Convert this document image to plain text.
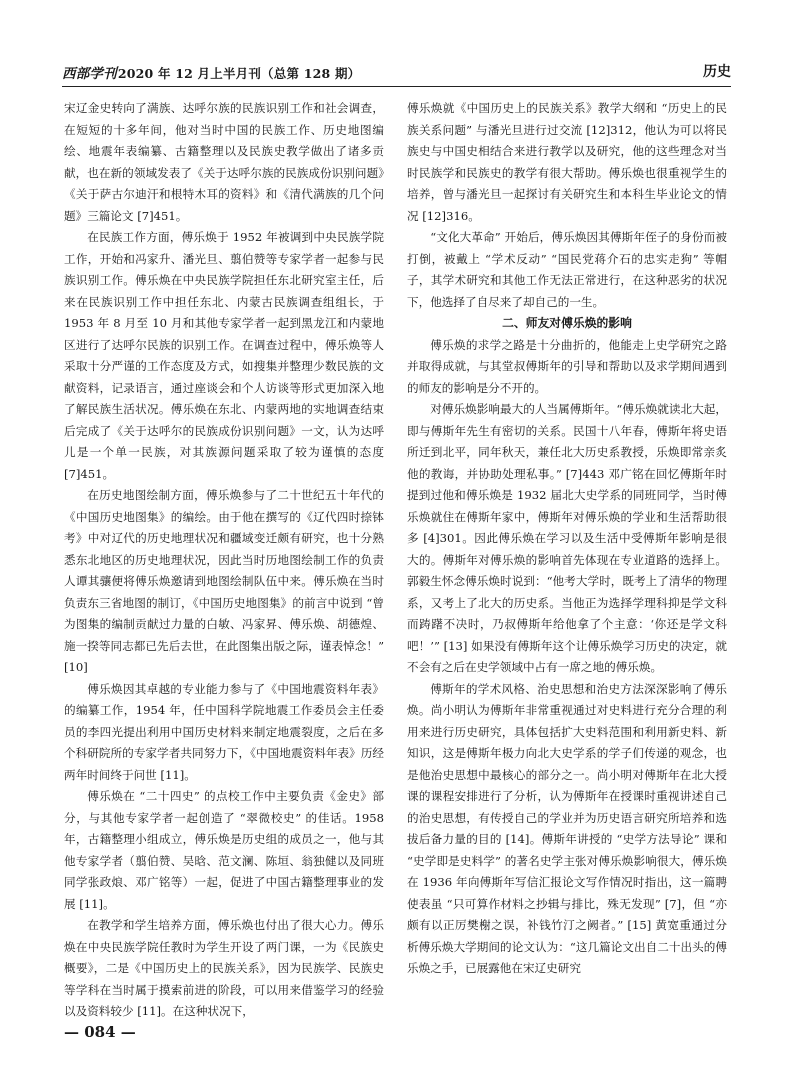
西部学刊2020 年 12 月上半月刊（总第 128 期）	历史

宋辽金史转向了满族、达呼尔族的民族识别工作和社会调查，在短短的十多年间，他对当时中国的民族工作、历史地图编绘、地震年表编纂、古籍整理以及民族史教学做出了诸多贡献，也在新的领域发表了《关于达呼尔族的民族成份识别问题》《关于萨古尔迪汗和根特木耳的资料》和《清代满族的几个问题》三篇论文 [7]451。

在民族工作方面，傅乐焕于 1952 年被调到中央民族学院工作，开始和冯家升、潘光旦、翦伯赞等专家学者一起参与民族识别工作。傅乐焕在中央民族学院担任东北研究室主任，后来在民族识别工作中担任东北、内蒙古民族调查组组长，于 1953 年 8 月至 10 月和其他专家学者一起到黑龙江和内蒙地区进行了达呼尔民族的识别工作。在调查过程中，傅乐焕等人采取十分严谨的工作态度及方式，如搜集并整理少数民族的文献资料，记录语言，通过座谈会和个人访谈等形式更加深入地了解民族生活状况。傅乐焕在东北、内蒙两地的实地调查结束后完成了《关于达呼尔的民族成份识别问题》一文，认为达呼儿是一个单一民族，对其族源问题采取了较为谨慎的态度 [7]451。

在历史地图绘制方面，傅乐焕参与了二十世纪五十年代的《中国历史地图集》的编绘。由于他在撰写的《辽代四时捺钵考》中对辽代的历史地理状况和疆域变迁颇有研究，也十分熟悉东北地区的历史地理状况，因此当时历地图绘制工作的负责人谭其骧便将傅乐焕邀请到地图绘制队伍中来。傅乐焕在当时负责东三省地图的制订，《中国历史地图集》的前言中说到 “曾为图集的编制贡献过力量的白敏、冯家昇、傅乐焕、胡德煌、施一揆等同志都已先后去世，在此图集出版之际，谨表悼念！” [10]

傅乐焕因其卓越的专业能力参与了《中国地震资料年表》的编纂工作，1954 年，任中国科学院地震工作委员会主任委员的李四光提出利用中国历史材料来制定地震裂度，之后在多个科研院所的专家学者共同努力下，《中国地震资料年表》历经两年时间终于问世 [11]。

傅乐焕在 “二十四史” 的点校工作中主要负责《金史》部分，与其他专家学者一起创造了 “翠微校史” 的佳话。1958 年，古籍整理小组成立，傅乐焕是历史组的成员之一，他与其他专家学者（翦伯赞、吴晗、范文澜、陈垣、翁独健以及同班同学张政烺、邓广铭等）一起，促进了中国古籍整理事业的发展 [11]。

在教学和学生培养方面，傅乐焕也付出了很大心力。傅乐焕在中央民族学院任教时为学生开设了两门课，一为《民族史概要》，二是《中国历史上的民族关系》，因为民族学、民族史等学科在当时属于摸索前进的阶段，可以用来借鉴学习的经验以及资料较少 [11]。在这种状况下，

傅乐焕就《中国历史上的民族关系》教学大纲和 “历史上的民族关系问题” 与潘光旦进行过交流 [12]312，他认为可以将民族史与中国史相结合来进行教学以及研究，他的这些理念对当时民族学和民族史的教学有很大帮助。傅乐焕也很重视学生的培养，曾与潘光旦一起探讨有关研究生和本科生毕业论文的情况 [12]316。

“文化大革命” 开始后，傅乐焕因其傅斯年侄子的身份而被打倒，被戴上 “学术反动” “国民党蒋介石的忠实走狗” 等帽子，其学术研究和其他工作无法正常进行，在这种恶劣的状况下，他选择了自尽来了却自己的一生。

二、师友对傅乐焕的影响

傅乐焕的求学之路是十分曲折的，他能走上史学研究之路并取得成就，与其堂叔傅斯年的引导和帮助以及求学期间遇到的师友的影响是分不开的。

对傅乐焕影响最大的人当属傅斯年。“傅乐焕就读北大起，即与傅斯年先生有密切的关系。民国十八年春，傅斯年将史语所迁到北平，同年秋天，兼任北大历史系教授，乐焕即常亲炙他的教诲，并协助处理私事。” [7]443 邓广铭在回忆傅斯年时提到过他和傅乐焕是 1932 届北大史学系的同班同学，当时傅乐焕就住在傅斯年家中，傅斯年对傅乐焕的学业和生活帮助很多 [4]301。因此傅乐焕在学习以及生活中受傅斯年影响是很大的。傅斯年对傅乐焕的影响首先体现在专业道路的选择上。郭毅生怀念傅乐焕时说到：“他考大学时，既考上了清华的物理系，又考上了北大的历史系。当他正为选择学理科抑是学文科而踌躇不决时，乃叔傅斯年给他拿了个主意：‘你还是学文科吧！’” [13] 如果没有傅斯年这个让傅乐焕学习历史的决定，就不会有之后在史学领域中占有一席之地的傅乐焕。

傅斯年的学术风格、治史思想和治史方法深深影响了傅乐焕。尚小明认为傅斯年非常重视通过对史料进行充分合理的利用来进行历史研究，具体包括扩大史料范围和利用新史料、新知识，这是傅斯年极力向北大史学系的学子们传递的观念，也是他治史思想中最核心的部分之一。尚小明对傅斯年在北大授课的课程安排进行了分析，认为傅斯年在授课时重视讲述自己的治史思想，有传授自己的学业并为历史语言研究所培养和选拔后备力量的目的 [14]。傅斯年讲授的 “史学方法导论” 课和 “史学即是史料学” 的著名史学主张对傅乐焕影响很大，傅乐焕在 1936 年向傅斯年写信汇报论文写作情况时指出，这一篇聘使表虽 “只可算作材料之抄辑与排比，殊无发现” [7]，但 “亦颇有以正厉樊榭之误，补钱竹汀之阙者。” [15] 黄宽重通过分析傅乐焕大学期间的论文认为：“这几篇论文出自二十出头的傅乐焕之手，已展露他在宋辽史研究

— 084 —
